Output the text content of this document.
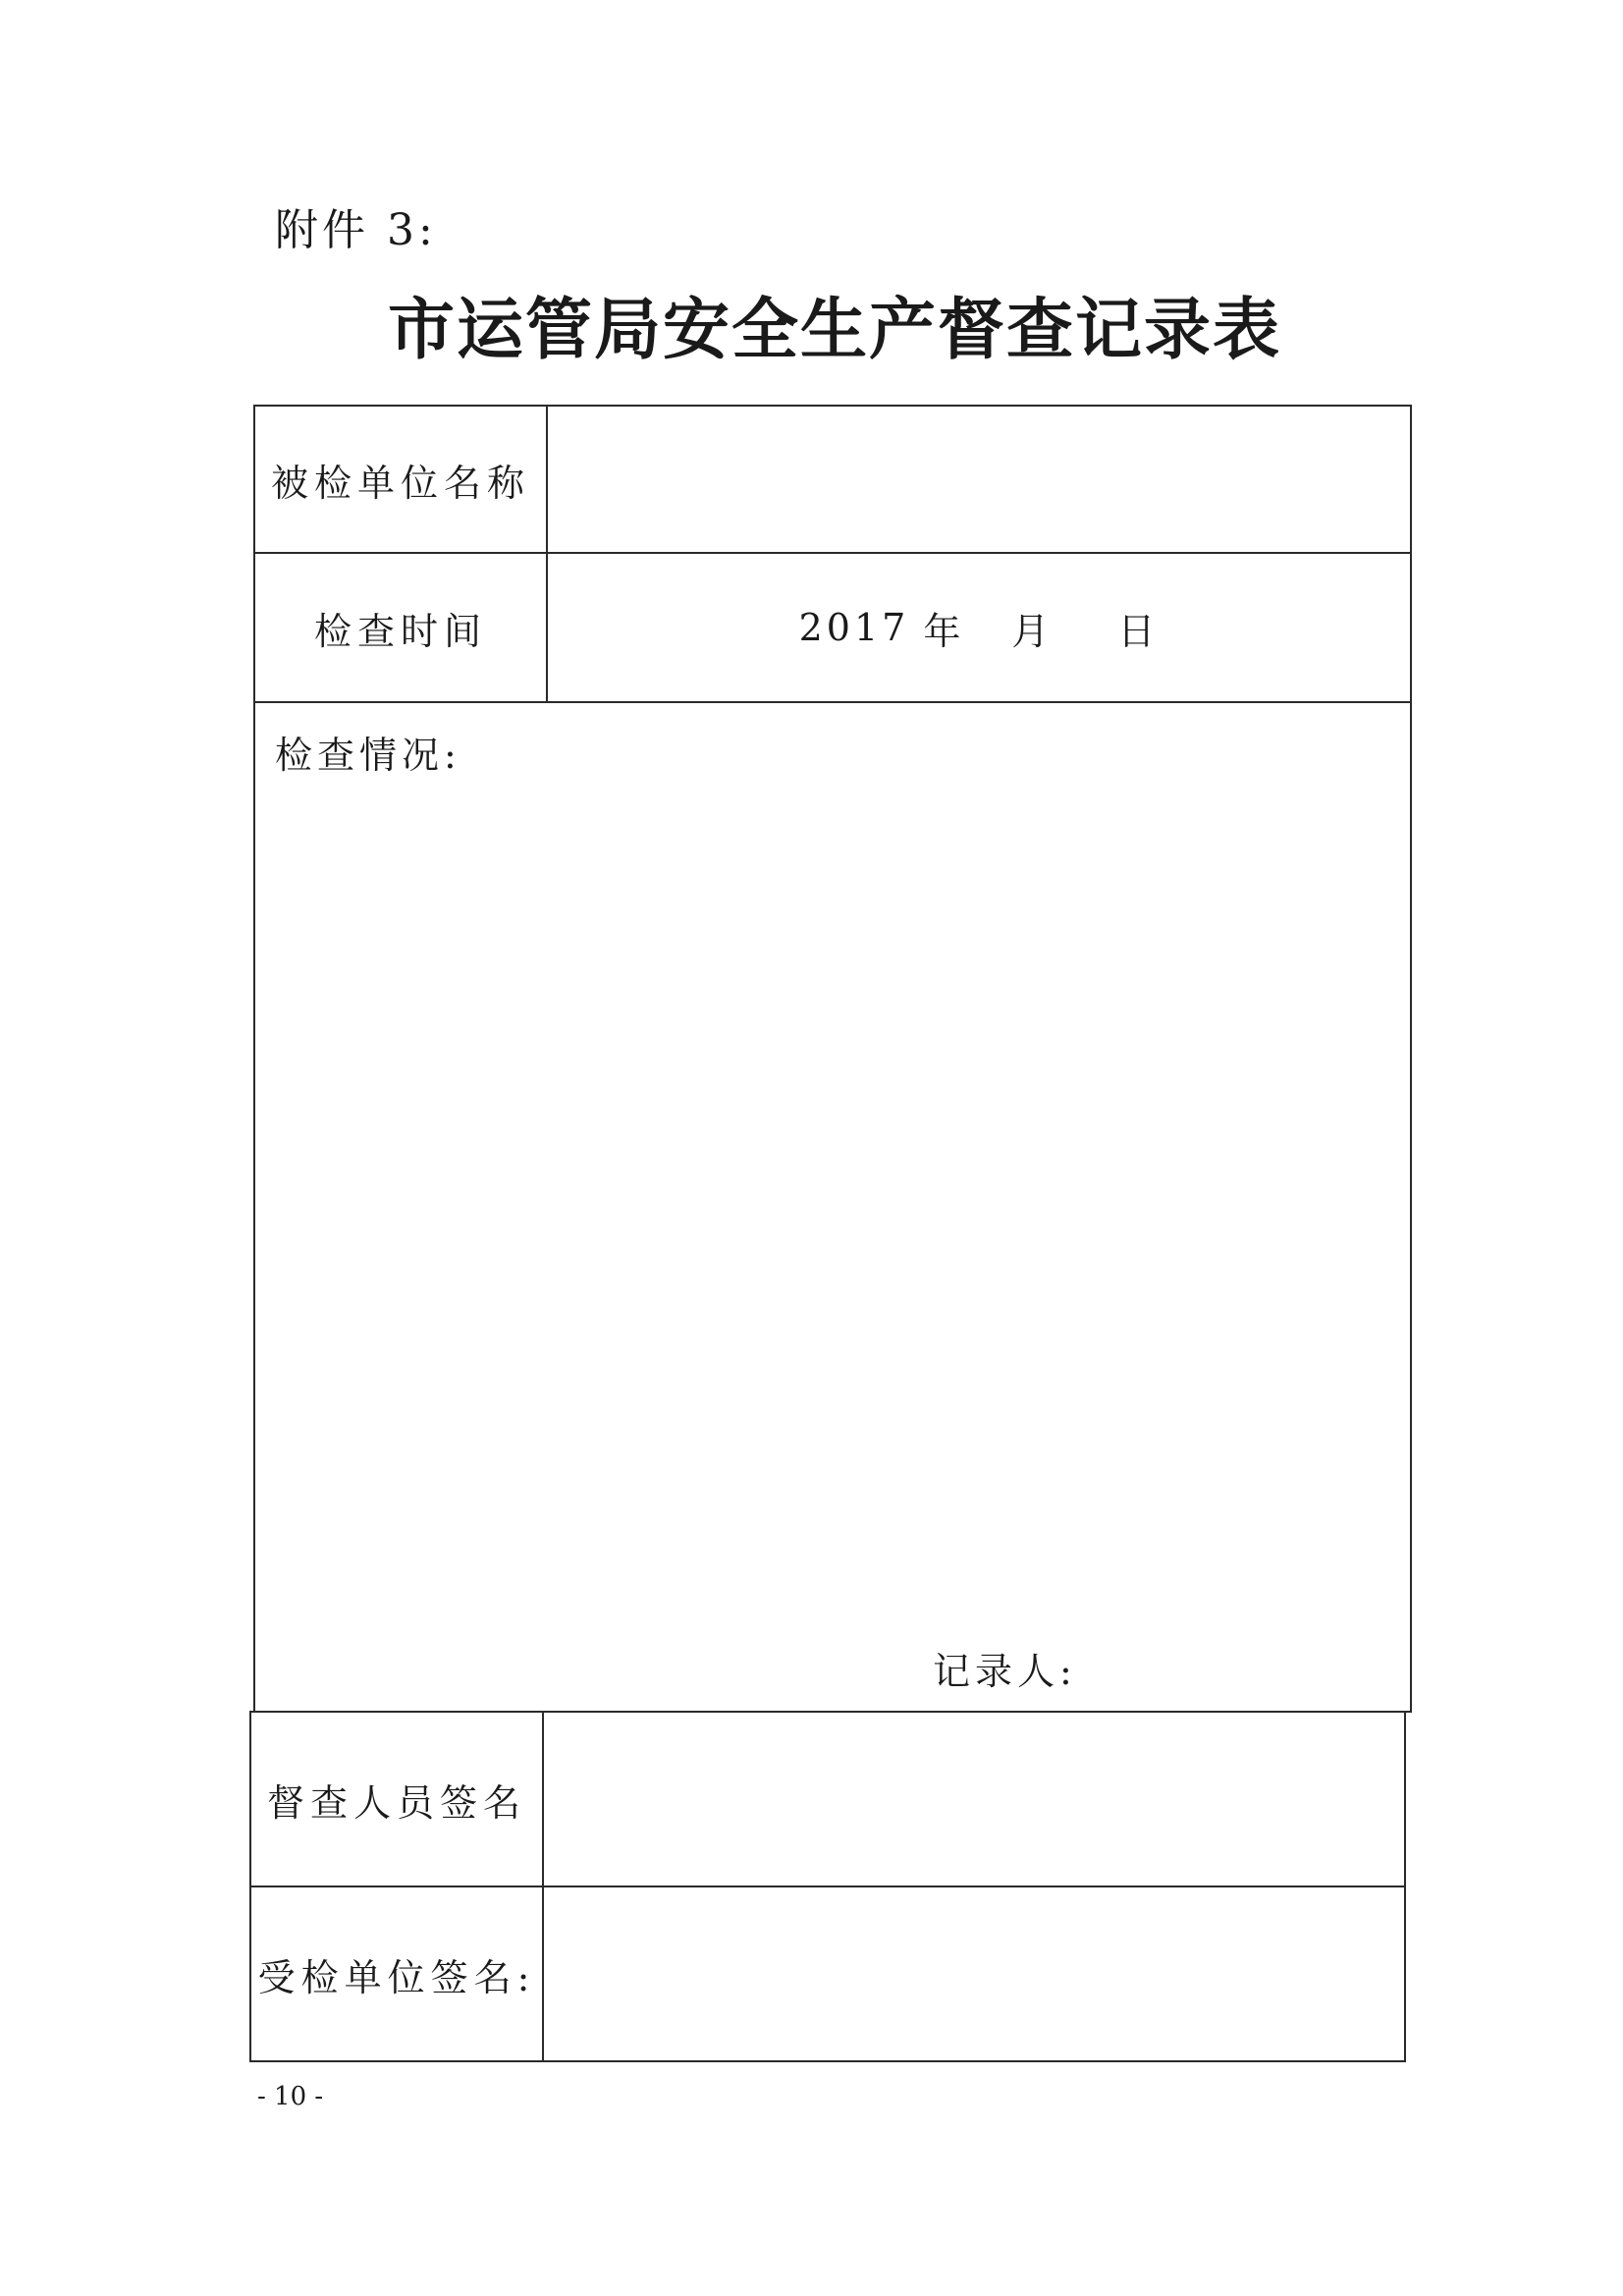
附件 3:
市运管局安全生产督查记录表
被检单位名称
检查时间	2017 年 月 日
检查情况:
记录人:
督查人员签名
受检单位签名:
- 10 -
